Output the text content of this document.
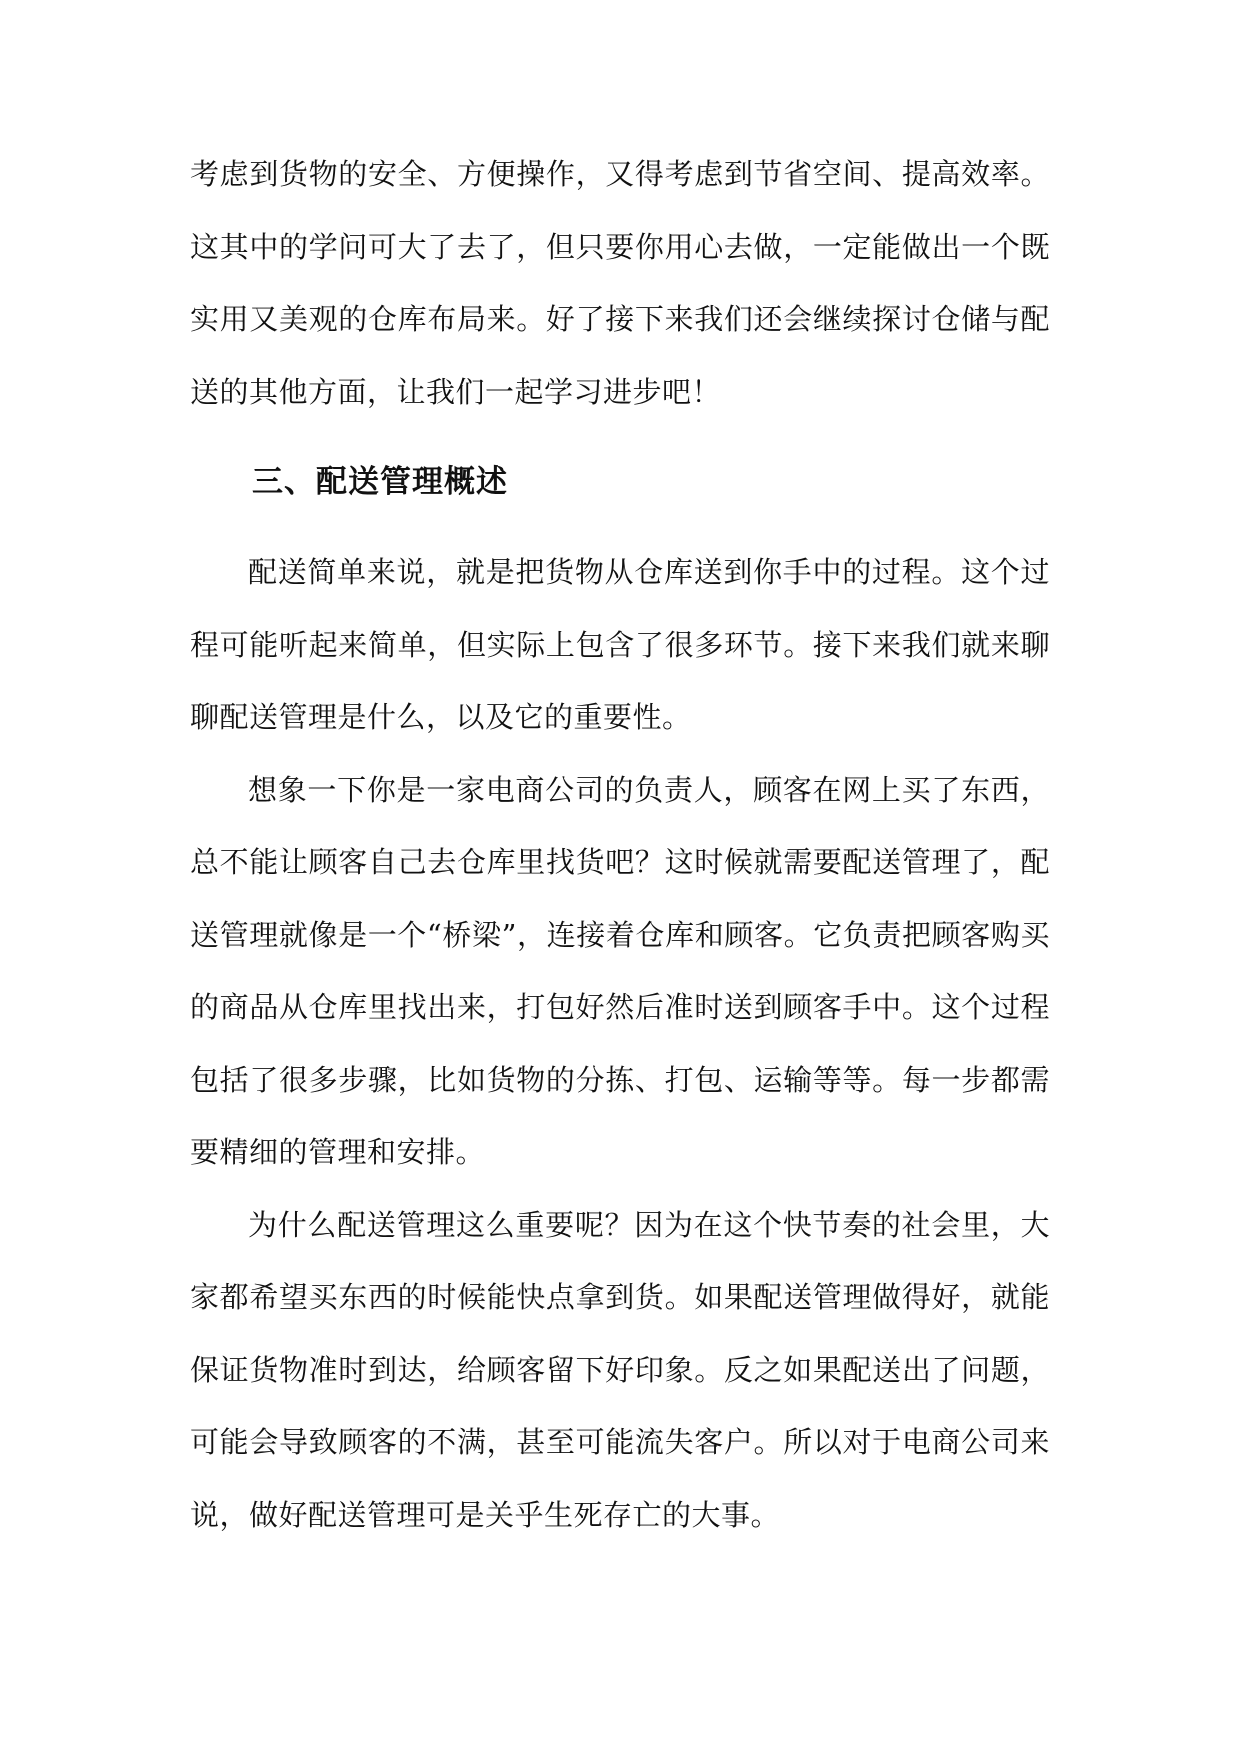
考虑到货物的安全、方便操作，又得考虑到节省空间、提高效率。这其中的学问可大了去了，但只要你用心去做，一定能做出一个既实用又美观的仓库布局来。好了接下来我们还会继续探讨仓储与配送的其他方面，让我们一起学习进步吧！

三、配送管理概述

配送简单来说，就是把货物从仓库送到你手中的过程。这个过程可能听起来简单，但实际上包含了很多环节。接下来我们就来聊聊配送管理是什么，以及它的重要性。

想象一下你是一家电商公司的负责人，顾客在网上买了东西，总不能让顾客自己去仓库里找货吧？这时候就需要配送管理了，配送管理就像是一个“桥梁”，连接着仓库和顾客。它负责把顾客购买的商品从仓库里找出来，打包好然后准时送到顾客手中。这个过程包括了很多步骤，比如货物的分拣、打包、运输等等。每一步都需要精细的管理和安排。

为什么配送管理这么重要呢？因为在这个快节奏的社会里，大家都希望买东西的时候能快点拿到货。如果配送管理做得好，就能保证货物准时到达，给顾客留下好印象。反之如果配送出了问题，可能会导致顾客的不满，甚至可能流失客户。所以对于电商公司来说，做好配送管理可是关乎生死存亡的大事。
